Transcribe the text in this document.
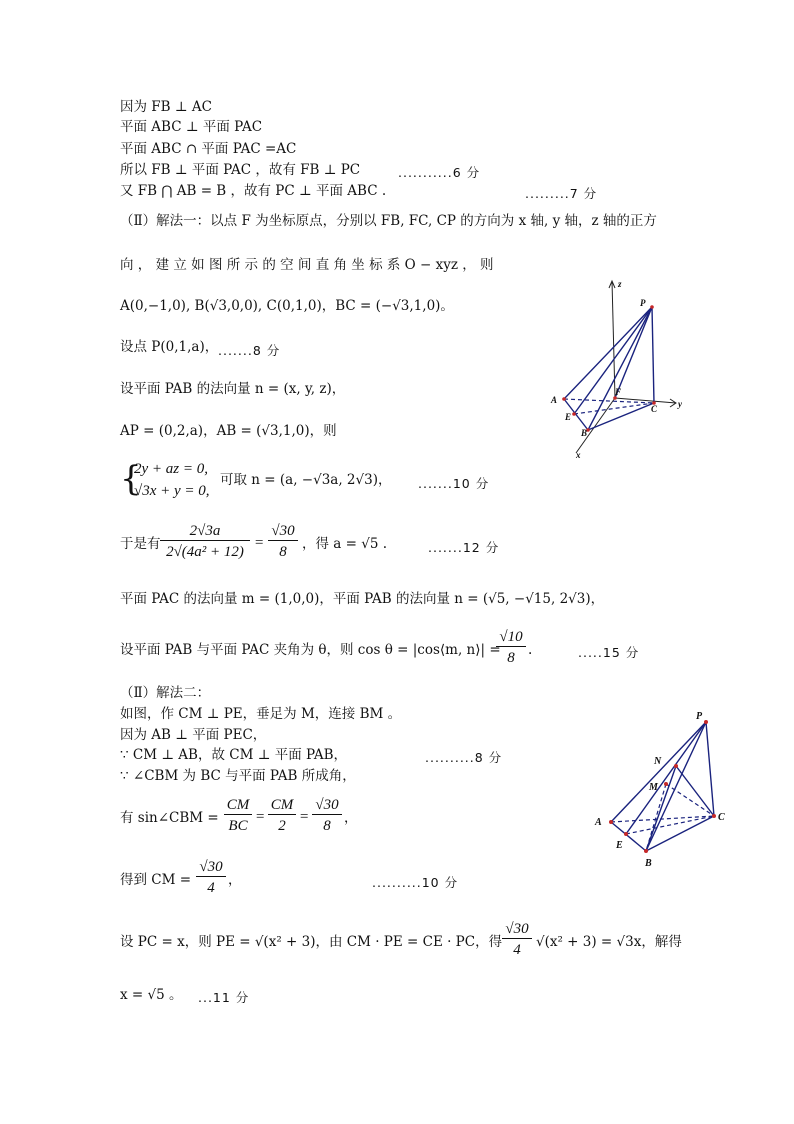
因为 FB ⊥ AC
平面 ABC ⊥ 平面 PAC
平面 ABC ∩ 平面 PAC =AC
所以 FB ⊥ 平面 PAC ，故有 FB ⊥ PC	...........6 分
又 FB ⋂ AB = B ，故有 PC ⊥ 平面 ABC .	.........7 分
（Ⅱ）解法一：以点 F 为坐标原点，分别以 FB, FC, CP 的方向为 x 轴, y 轴，z 轴的正方
向 ， 建 立 如 图 所 示 的 空 间 直 角 坐 标 系 O − xyz ， 则
A(0,−1,0), B(√3,0,0), C(0,1,0)，BC = (−√3,1,0)。
设点 P(0,1,a)， .......8 分
设平面 PAB 的法向量 n = (x, y, z)，
AP = (0,2,a)，AB = (√3,1,0)，则
{
2y + az = 0,
√3x + y = 0,
可取 n = (a, −√3a, 2√3)， .......10 分
于是有
2√3a
2√(4a² + 12)
=
√30
8	，得 a = √5 .	.......12 分
平面 PAC 的法向量 m = (1,0,0)，平面 PAB 的法向量 n = (√5, −√15, 2√3)，
设平面 PAB 与平面 PAC 夹角为 θ，则 cos θ = |cos⟨m, n⟩| =
√10
8 .	.....15 分
（Ⅱ）解法二：
如图，作 CM ⊥ PE，垂足为 M，连接 BM 。
因为 AB ⊥ 平面 PEC，
∵ CM ⊥ AB，故 CM ⊥ 平面 PAB，	..........8 分
∵ ∠CBM 为 BC 与平面 PAB 所成角，
有 sin∠CBM =
CM
BC
=
CM
2
=
√30
8 ，
得到 CM =
√30
4 ，	..........10 分
设 PC = x，则 PE = √(x² + 3)，由 CM · PE = CE · PC，得
√30
4	√(x² + 3) = √3x，解得
x = √5 。 ...11 分
z
P
A
F
C y
E
B
x
P
N
M
A	C
E
B
